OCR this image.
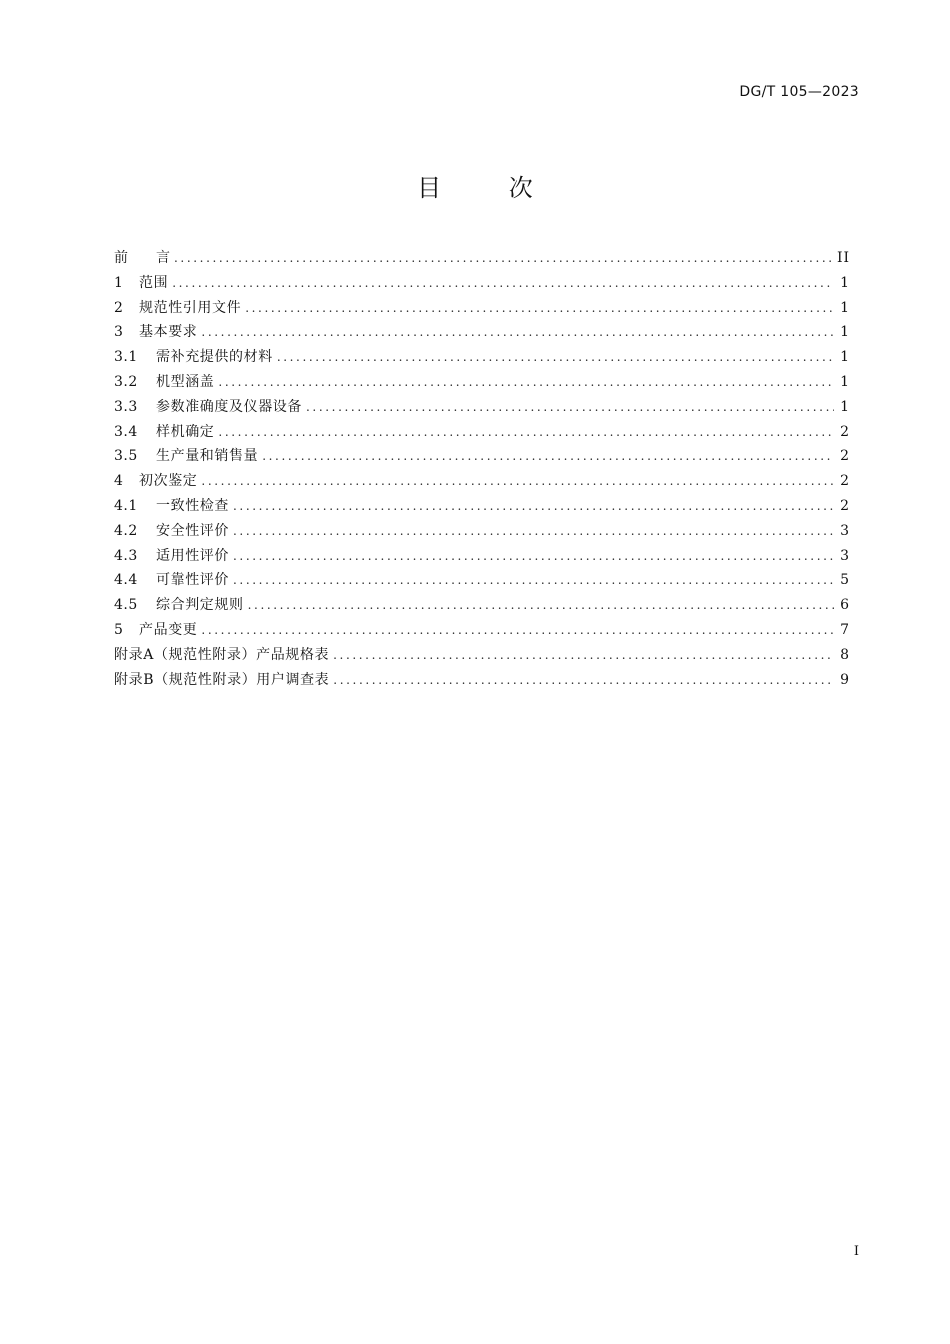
DG/T 105—2023
目 次
前　　言 .....	II
1	范围 .....	1
2	规范性引用文件 .....	1
3	基本要求 .....	1
3.1	需补充提供的材料 .....	1
3.2	机型涵盖 .....	1
3.3	参数准确度及仪器设备 .....	1
3.4	样机确定 .....	2
3.5	生产量和销售量 .....	2
4	初次鉴定 .....	2
4.1	一致性检查 .....	2
4.2	安全性评价 .....	3
4.3	适用性评价 .....	3
4.4	可靠性评价 .....	5
4.5	综合判定规则 .....	6
5	产品变更 .....	7
附录A（规范性附录）产品规格表 .....	8
附录B（规范性附录）用户调查表 .....	9
I
